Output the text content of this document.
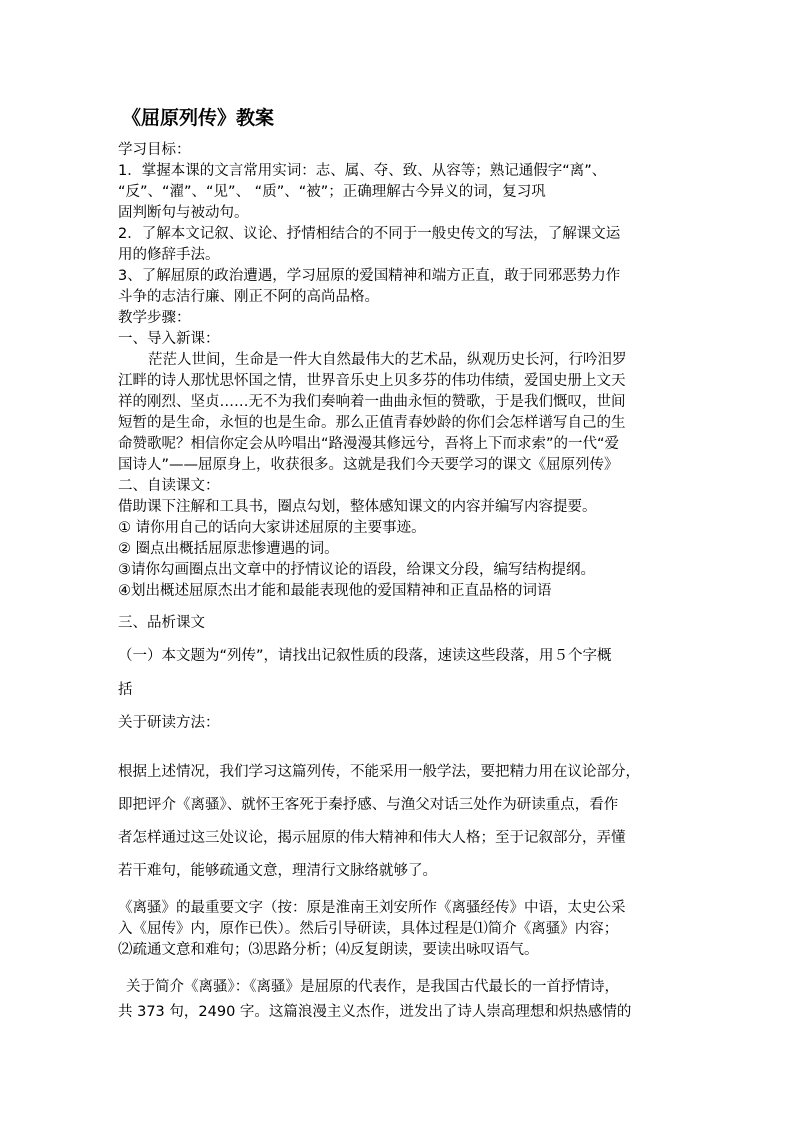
《屈原列传》教案
学习目标：
1．掌握本课的文言常用实词：志、属、夺、致、从容等；熟记通假字“离”、
“反”、“濯”、“见”、 “质”、“被”；正确理解古今异义的词，复习巩
固判断句与被动句。
2．了解本文记叙、议论、抒情相结合的不同于一般史传文的写法，了解课文运
用的修辞手法。
3、了解屈原的政治遭遇，学习屈原的爱国精神和端方正直，敢于同邪恶势力作
斗争的志洁行廉、刚正不阿的高尚品格。
教学步骤：
一、导入新课：
茫茫人世间，生命是一件大自然最伟大的艺术品，纵观历史长河，行吟汨罗
江畔的诗人那忧思怀国之情，世界音乐史上贝多芬的伟功伟绩，爱国史册上文天
祥的刚烈、坚贞……无不为我们奏响着一曲曲永恒的赞歌，于是我们慨叹，世间
短暂的是生命，永恒的也是生命。那么正值青春妙龄的你们会怎样谱写自己的生
命赞歌呢？相信你定会从吟唱出“路漫漫其修远兮，吾将上下而求索”的一代“爱
国诗人”——屈原身上，收获很多。这就是我们今天要学习的课文《屈原列传》
二、自读课文：
借助课下注解和工具书，圈点勾划，整体感知课文的内容并编写内容提要。
① 请你用自己的话向大家讲述屈原的主要事迹。
② 圈点出概括屈原悲惨遭遇的词。
③请你勾画圈点出文章中的抒情议论的语段，给课文分段，编写结构提纲。
④划出概述屈原杰出才能和最能表现他的爱国精神和正直品格的词语
三、品析课文
（一）本文题为“列传”，请找出记叙性质的段落，速读这些段落，用５个字概
括
关于研读方法：
根据上述情况，我们学习这篇列传，不能采用一般学法，要把精力用在议论部分，
即把评介《离骚》、就怀王客死于秦抒感、与渔父对话三处作为研读重点，看作
者怎样通过这三处议论，揭示屈原的伟大精神和伟大人格；至于记叙部分，弄懂
若干难句，能够疏通文意，理清行文脉络就够了。
《离骚》的最重要文字（按：原是淮南王刘安所作《离骚经传》中语，太史公采
入《屈传》内，原作已佚）。然后引导研读，具体过程是⑴简介《离骚》内容；
⑵疏通文意和难句；⑶思路分析；⑷反复朗读，要读出咏叹语气。
关于简介《离骚》：《离骚》是屈原的代表作，是我国古代最长的一首抒情诗，
共 373 句，2490 字。这篇浪漫主义杰作，迸发出了诗人崇高理想和炽热感情的
